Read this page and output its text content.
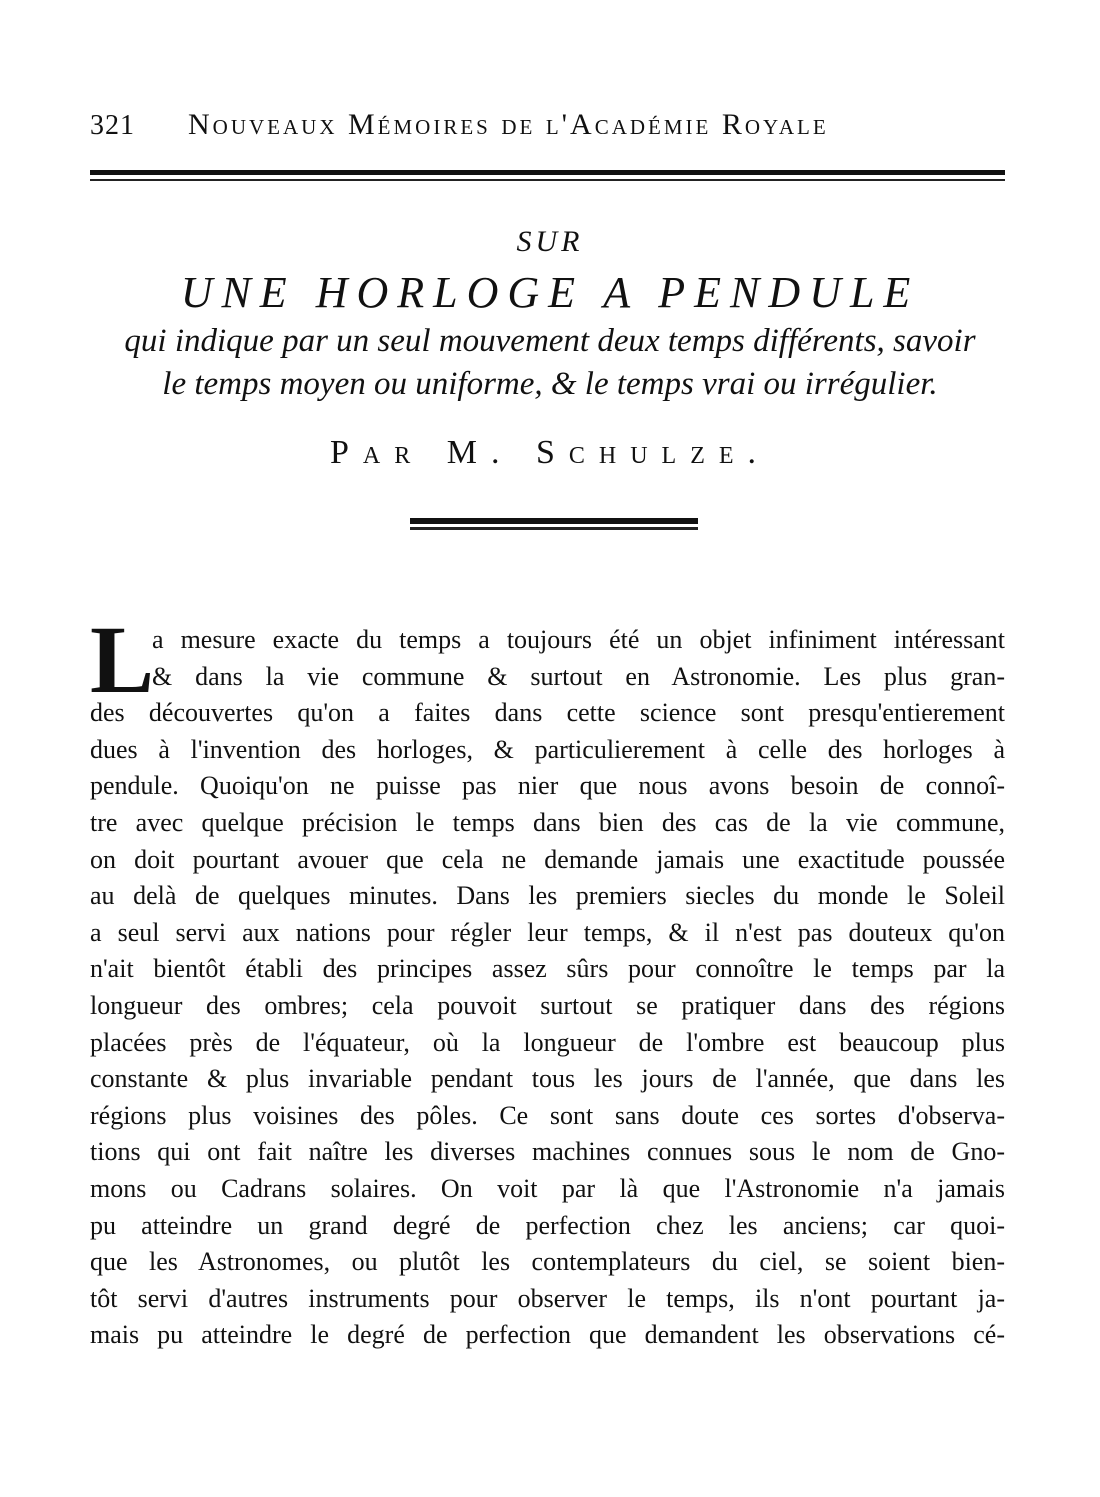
321 Nouveaux Mémoires de l'Académie Royale
SUR
UNE HORLOGE A PENDULE
qui indique par un seul mouvement deux temps différents, savoir
le temps moyen ou uniforme, & le temps vrai ou irrégulier.
Par M. Schulze.
L
a mesure exacte du temps a toujours été un objet infiniment intéressant
& dans la vie commune & surtout en Astronomie. Les plus gran-
des découvertes qu'on a faites dans cette science sont presqu'entierement
dues à l'invention des horloges, & particulierement à celle des horloges à
pendule. Quoiqu'on ne puisse pas nier que nous avons besoin de connoî-
tre avec quelque précision le temps dans bien des cas de la vie commune,
on doit pourtant avouer que cela ne demande jamais une exactitude poussée
au delà de quelques minutes. Dans les premiers siecles du monde le Soleil
a seul servi aux nations pour régler leur temps, & il n'est pas douteux qu'on
n'ait bientôt établi des principes assez sûrs pour connoître le temps par la
longueur des ombres; cela pouvoit surtout se pratiquer dans des régions
placées près de l'équateur, où la longueur de l'ombre est beaucoup plus
constante & plus invariable pendant tous les jours de l'année, que dans les
régions plus voisines des pôles. Ce sont sans doute ces sortes d'observa-
tions qui ont fait naître les diverses machines connues sous le nom de Gno-
mons ou Cadrans solaires. On voit par là que l'Astronomie n'a jamais
pu atteindre un grand degré de perfection chez les anciens; car quoi-
que les Astronomes, ou plutôt les contemplateurs du ciel, se soient bien-
tôt servi d'autres instruments pour observer le temps, ils n'ont pourtant ja-
mais pu atteindre le degré de perfection que demandent les observations cé-
